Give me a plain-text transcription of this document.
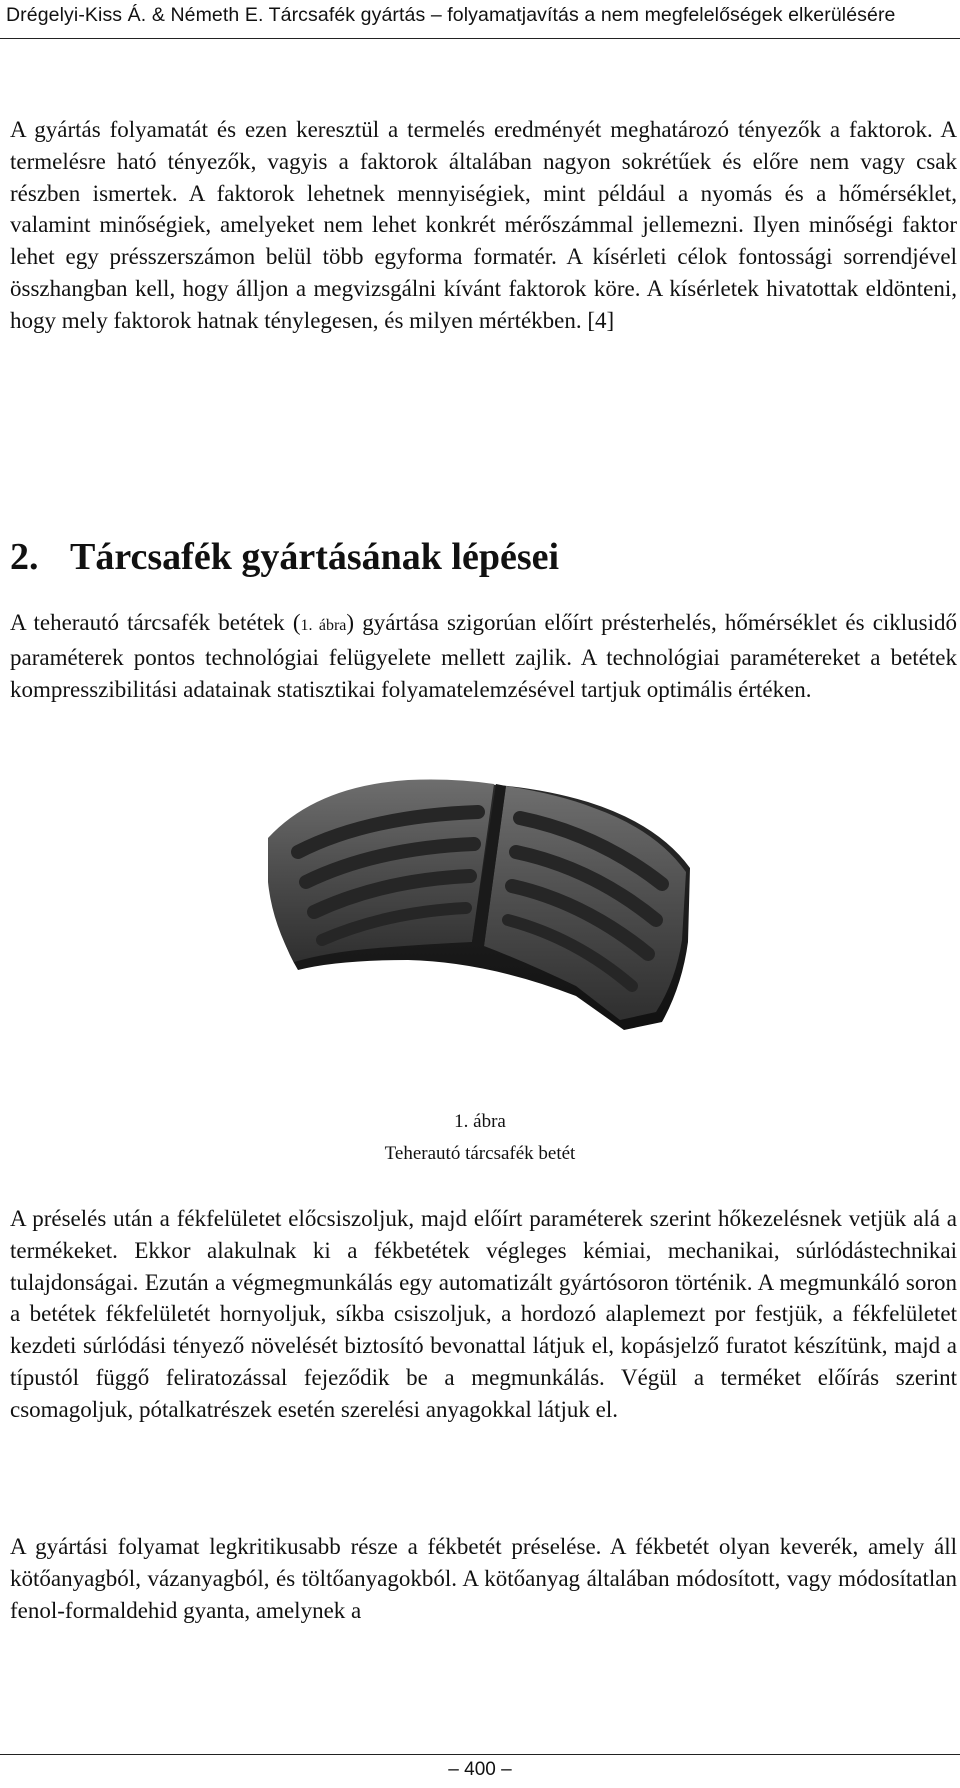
Drégelyi-Kiss Á. & Németh E. Tárcsafék gyártás – folyamatjavítás a nem megfelelőségek elkerülésére

A gyártás folyamatát és ezen keresztül a termelés eredményét meghatározó tényezők a faktorok. A termelésre ható tényezők, vagyis a faktorok általában nagyon sokrétűek és előre nem vagy csak részben ismertek. A faktorok lehetnek mennyiségiek, mint például a nyomás és a hőmérséklet, valamint minőségiek, amelyeket nem lehet konkrét mérőszámmal jellemezni. Ilyen minőségi faktor lehet egy présszerszámon belül több egyforma formatér. A kísérleti célok fontossági sorrendjével összhangban kell, hogy álljon a megvizsgálni kívánt faktorok köre. A kísérletek hivatottak eldönteni, hogy mely faktorok hatnak ténylegesen, és milyen mértékben. [4]

2. Tárcsafék gyártásának lépései

A teherautó tárcsafék betétek (1. ábra) gyártása szigorúan előírt présterhelés, hőmérséklet és ciklusidő paraméterek pontos technológiai felügyelete mellett zajlik. A technológiai paramétereket a betétek kompresszibilitási adatainak statisztikai folyamatelemzésével tartjuk optimális értéken.

1. ábra

Teherautó tárcsafék betét

A préselés után a fékfelületet előcsiszoljuk, majd előírt paraméterek szerint hőkezelésnek vetjük alá a termékeket. Ekkor alakulnak ki a fékbetétek végleges kémiai, mechanikai, súrlódástechnikai tulajdonságai. Ezután a végmegmunkálás egy automatizált gyártósoron történik. A megmunkáló soron a betétek fékfelületét hornyoljuk, síkba csiszoljuk, a hordozó alaplemezt por festjük, a fékfelületet kezdeti súrlódási tényező növelését biztosító bevonattal látjuk el, kopásjelző furatot készítünk, majd a típustól függő feliratozással fejeződik be a megmunkálás. Végül a terméket előírás szerint csomagoljuk, pótalkatrészek esetén szerelési anyagokkal látjuk el.

A gyártási folyamat legkritikusabb része a fékbetét préselése. A fékbetét olyan keverék, amely áll kötőanyagból, vázanyagból, és töltőanyagokból. A kötőanyag általában módosított, vagy módosítatlan fenol-formaldehid gyanta, amelynek a

– 400 –
